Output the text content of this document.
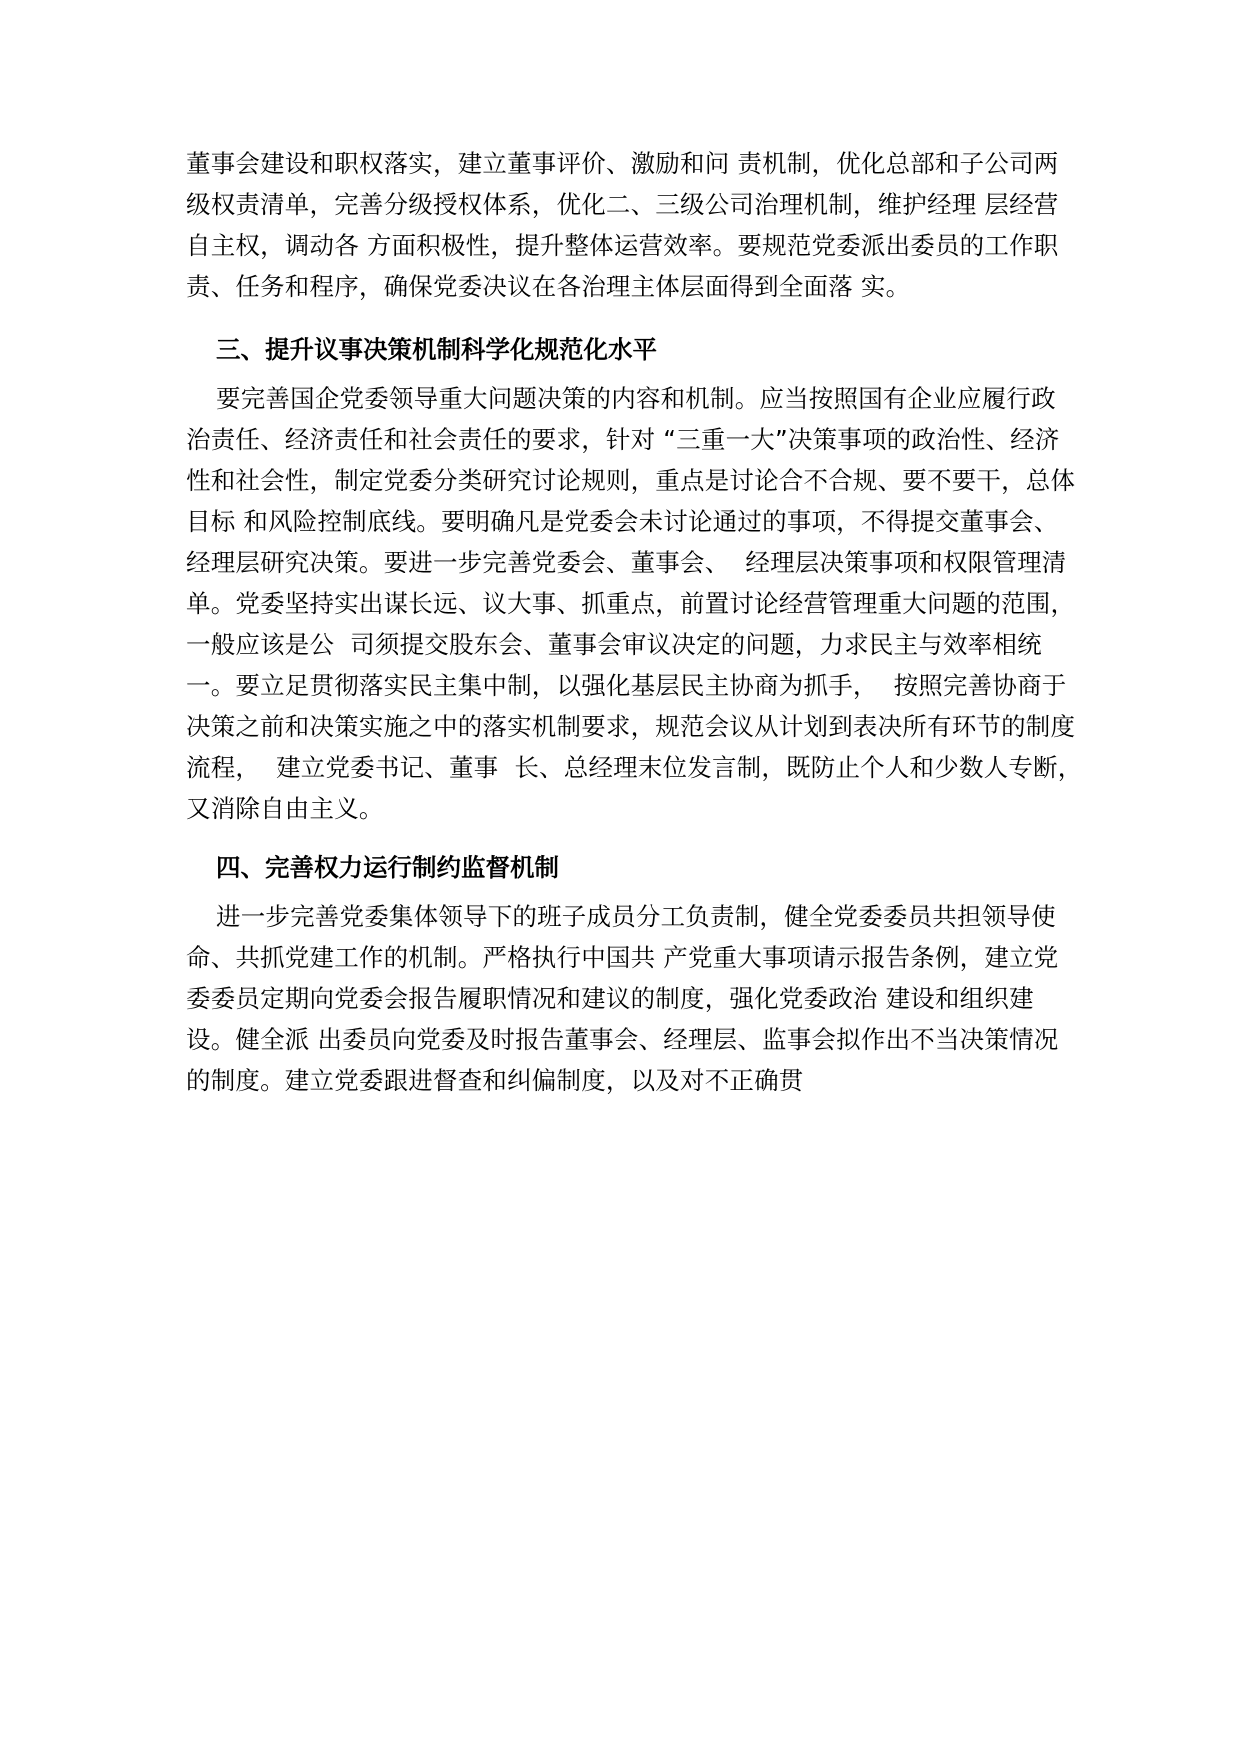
董事会建设和职权落实，建立董事评价、激励和问 责机制，优化总部和子公司两
级权责清单，完善分级授权体系，优化二、三级公司治理机制，维护经理 层经营
自主权，调动各 方面积极性，提升整体运营效率。要规范党委派出委员的工作职
责、任务和程序，确保党委决议在各治理主体层面得到全面落 实。
三、提升议事决策机制科学化规范化水平
要完善国企党委领导重大问题决策的内容和机制。应当按照国有企业应履行政
治责任、经济责任和社会责任的要求，针对 “三重一大”决策事项的政治性、经济
性和社会性，制定党委分类研究讨论规则，重点是讨论合不合规、要不要干，总体
目标 和风险控制底线。要明确凡是党委会未讨论通过的事项，不得提交董事会、
经理层研究决策。要进一步完善党委会、董事会、  经理层决策事项和权限管理清
单。党委坚持实出谋长远、议大事、抓重点，前置讨论经营管理重大问题的范围，
一般应该是公  司须提交股东会、董事会审议决定的问题，力求民主与效率相统
一。要立足贯彻落实民主集中制，以强化基层民主协商为抓手，  按照完善协商于
决策之前和决策实施之中的落实机制要求，规范会议从计划到表决所有环节的制度
流程，  建立党委书记、董事  长、总经理末位发言制，既防止个人和少数人专断，
又消除自由主义。
四、完善权力运行制约监督机制
进一步完善党委集体领导下的班子成员分工负责制，健全党委委员共担领导使
命、共抓党建工作的机制。严格执行中国共 产党重大事项请示报告条例，建立党
委委员定期向党委会报告履职情况和建议的制度，强化党委政治 建设和组织建
设。健全派 出委员向党委及时报告董事会、经理层、监事会拟作出不当决策情况
的制度。建立党委跟进督查和纠偏制度，以及对不正确贯
